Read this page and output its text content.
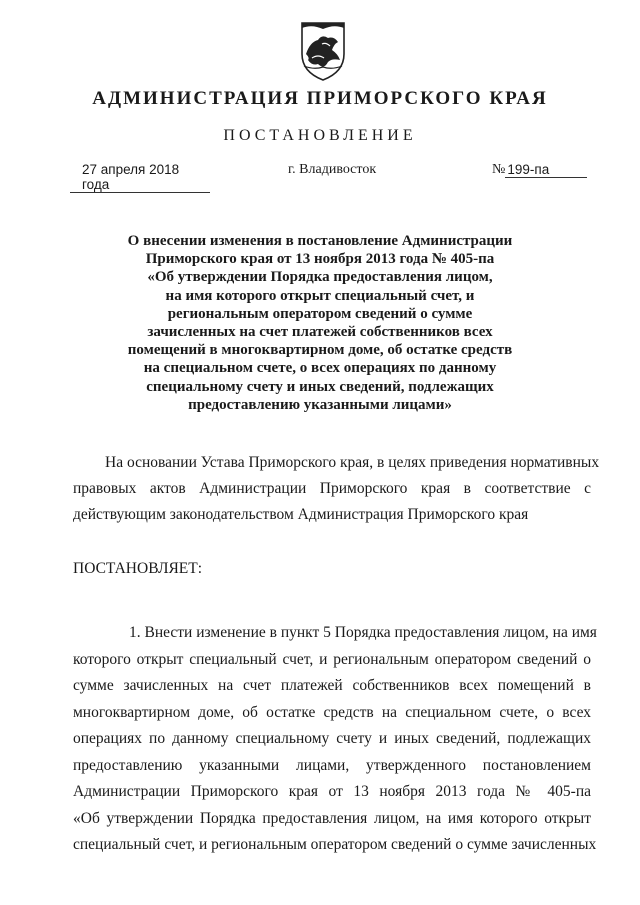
АДМИНИСТРАЦИЯ ПРИМОРСКОГО КРАЯ
ПОСТАНОВЛЕНИЕ
27 апреля 2018 года
г. Владивосток	№ 199-па
О внесении изменения в постановление Администрации
Приморского края от 13 ноября 2013 года № 405-па
«Об утверждении Порядка предоставления лицом,
на имя которого открыт специальный счет, и
региональным оператором сведений о сумме
зачисленных на счет платежей собственников всех
помещений в многоквартирном доме, об остатке средств
на специальном счете, о всех операциях по данному
специальному счету и иных сведений, подлежащих
предоставлению указанными лицами»
На основании Устава Приморского края, в целях приведения нормативных
правовых актов Администрации Приморского края в соответствие с
действующим законодательством Администрация Приморского края
ПОСТАНОВЛЯЕТ:
1. Внести изменение в пункт 5 Порядка предоставления лицом, на имя
которого открыт специальный счет, и региональным оператором сведений о
сумме зачисленных на счет платежей собственников всех помещений в
многоквартирном доме, об остатке средств на специальном счете, о всех
операциях по данному специальному счету и иных сведений, подлежащих
предоставлению указанными лицами, утвержденного постановлением
Администрации Приморского края от 13 ноября 2013 года № 405-па
«Об утверждении Порядка предоставления лицом, на имя которого открыт
специальный счет, и региональным оператором сведений о сумме зачисленных
